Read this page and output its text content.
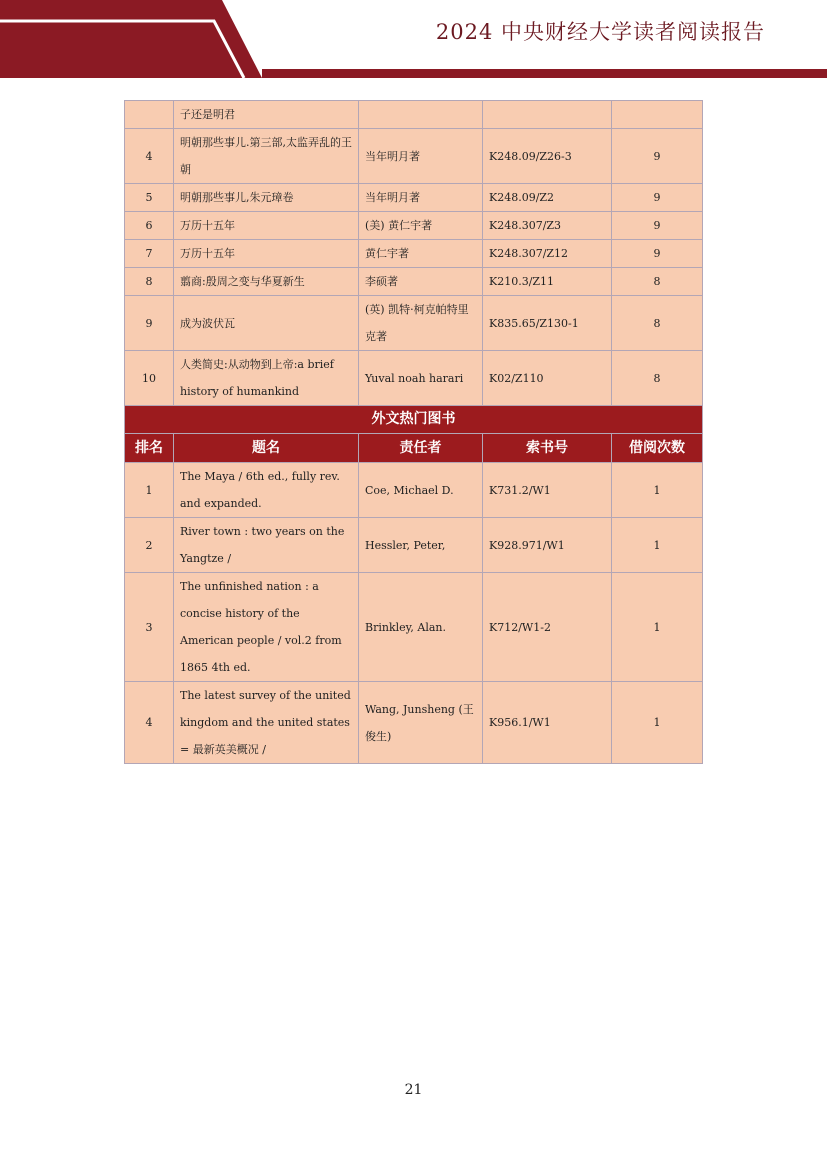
2024 中央财经大学读者阅读报告
	子还是明君			
4	明朝那些事儿.第三部,太监弄乱的王朝	当年明月著	K248.09/Z26-3	9
5	明朝那些事儿,朱元璋卷	当年明月著	K248.09/Z2	9
6	万历十五年	(美) 黄仁宇著	K248.307/Z3	9
7	万历十五年	黄仁宇著	K248.307/Z12	9
8	翦商:殷周之变与华夏新生	李硕著	K210.3/Z11	8
9	成为波伏瓦	(英) 凯特·柯克帕特里克著	K835.65/Z130-1	8
10	人类简史:从动物到上帝:a brief history of humankind	Yuval noah harari	K02/Z110	8
外文热门图书				
排名	题名	责任者	索书号	借阅次数
1	The Maya / 6th ed., fully rev. and expanded.	Coe, Michael D.	K731.2/W1	1
2	River town : two years on the Yangtze /	Hessler, Peter,	K928.971/W1	1
3	The unfinished nation : a concise history of the American people / vol.2 from 1865 4th ed.	Brinkley, Alan.	K712/W1-2	1
4	The latest survey of the united kingdom and the united states = 最新英美概况 /	Wang, Junsheng (王俊生)	K956.1/W1	1
21
